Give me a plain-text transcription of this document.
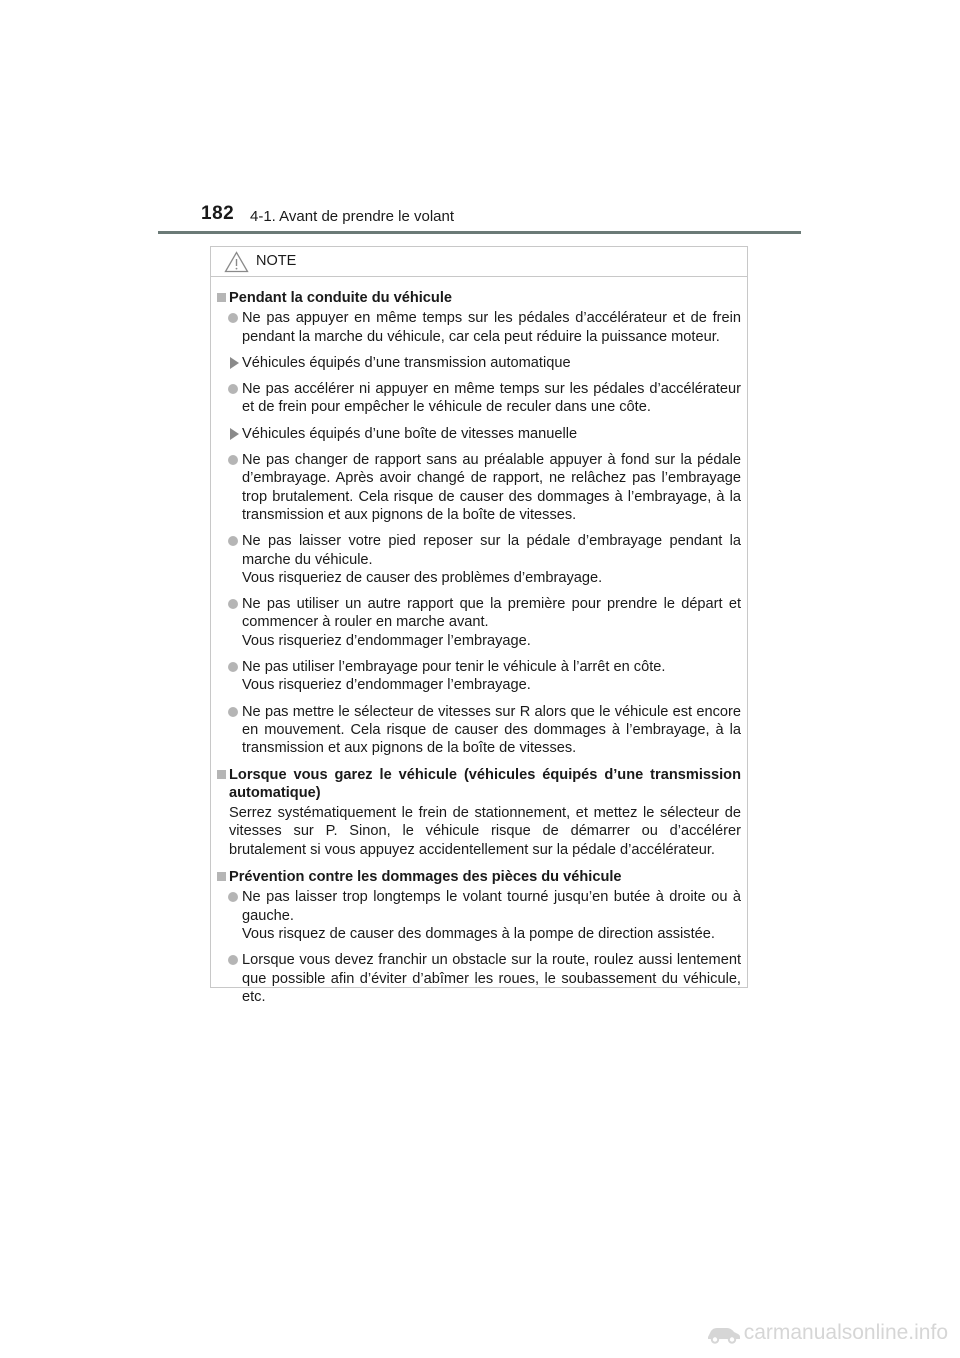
182 4-1. Avant de prendre le volant
NOTE
Pendant la conduite du véhicule
Ne pas appuyer en même temps sur les pédales d’accélérateur et de frein pendant la marche du véhicule, car cela peut réduire la puissance moteur.
Véhicules équipés d’une transmission automatique
Ne pas accélérer ni appuyer en même temps sur les pédales d’accélérateur et de frein pour empêcher le véhicule de reculer dans une côte.
Véhicules équipés d’une boîte de vitesses manuelle
Ne pas changer de rapport sans au préalable appuyer à fond sur la pédale d’embrayage. Après avoir changé de rapport, ne relâchez pas l’embrayage trop brutalement. Cela risque de causer des dommages à l’embrayage, à la transmission et aux pignons de la boîte de vitesses.
Ne pas laisser votre pied reposer sur la pédale d’embrayage pendant la marche du véhicule.
Vous risqueriez de causer des problèmes d’embrayage.
Ne pas utiliser un autre rapport que la première pour prendre le départ et commencer à rouler en marche avant.
Vous risqueriez d’endommager l’embrayage.
Ne pas utiliser l’embrayage pour tenir le véhicule à l’arrêt en côte.
Vous risqueriez d’endommager l’embrayage.
Ne pas mettre le sélecteur de vitesses sur R alors que le véhicule est encore en mouvement. Cela risque de causer des dommages à l’embrayage, à la transmission et aux pignons de la boîte de vitesses.
Lorsque vous garez le véhicule (véhicules équipés d’une transmission automatique)
Serrez systématiquement le frein de stationnement, et mettez le sélecteur de vitesses sur P. Sinon, le véhicule risque de démarrer ou d’accélérer brutalement si vous appuyez accidentellement sur la pédale d’accélérateur.
Prévention contre les dommages des pièces du véhicule
Ne pas laisser trop longtemps le volant tourné jusqu’en butée à droite ou à gauche.
Vous risquez de causer des dommages à la pompe de direction assistée.
Lorsque vous devez franchir un obstacle sur la route, roulez aussi lentement que possible afin d’éviter d’abîmer les roues, le soubassement du véhicule, etc.
carmanualsonline.info
